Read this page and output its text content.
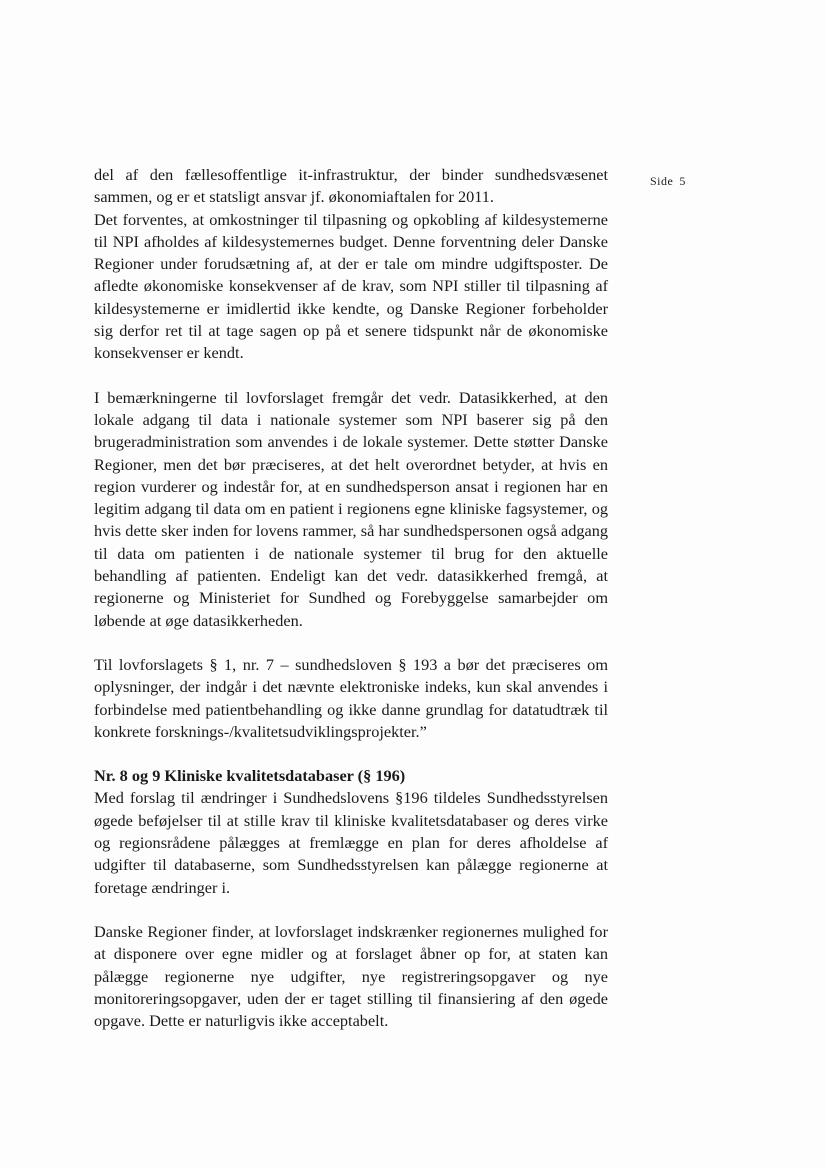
Side 5

del af den fællesoffentlige it-infrastruktur, der binder sundhedsvæsenet sammen, og er et statsligt ansvar jf. økonomiaftalen for 2011.

Det forventes, at omkostninger til tilpasning og opkobling af kildesystemerne til NPI afholdes af kildesystemernes budget. Denne forventning deler Danske Regioner under forudsætning af, at der er tale om mindre udgiftsposter. De afledte økonomiske konsekvenser af de krav, som NPI stiller til tilpasning af kildesystemerne er imidlertid ikke kendte, og Danske Regioner forbeholder sig derfor ret til at tage sagen op på et senere tidspunkt når de økonomiske konsekvenser er kendt.

I bemærkningerne til lovforslaget fremgår det vedr. Datasikkerhed, at den lokale adgang til data i nationale systemer som NPI baserer sig på den brugeradministration som anvendes i de lokale systemer. Dette støtter Danske Regioner, men det bør præciseres, at det helt overordnet betyder, at hvis en region vurderer og indestår for, at en sundhedsperson ansat i regionen har en legitim adgang til data om en patient i regionens egne kliniske fagsystemer, og hvis dette sker inden for lovens rammer, så har sundhedspersonen også adgang til data om patienten i de nationale systemer til brug for den aktuelle behandling af patienten. Endeligt kan det vedr. datasikkerhed fremgå, at regionerne og Ministeriet for Sundhed og Forebyggelse samarbejder om løbende at øge datasikkerheden.

Til lovforslagets § 1, nr. 7 – sundhedsloven § 193 a bør det præciseres om oplysninger, der indgår i det nævnte elektroniske indeks, kun skal anvendes i forbindelse med patientbehandling og ikke danne grundlag for datatudtræk til konkrete forsknings-/kvalitetsudviklingsprojekter.”

Nr. 8 og 9 Kliniske kvalitetsdatabaser (§ 196)

Med forslag til ændringer i Sundhedslovens §196 tildeles Sundhedsstyrelsen øgede beføjelser til at stille krav til kliniske kvalitetsdatabaser og deres virke og regionsrådene pålægges at fremlægge en plan for deres afholdelse af udgifter til databaserne, som Sundhedsstyrelsen kan pålægge regionerne at foretage ændringer i.

Danske Regioner finder, at lovforslaget indskrænker regionernes mulighed for at disponere over egne midler og at forslaget åbner op for, at staten kan pålægge regionerne nye udgifter, nye registreringsopgaver og nye monitoreringsopgaver, uden der er taget stilling til finansiering af den øgede opgave. Dette er naturligvis ikke acceptabelt.
